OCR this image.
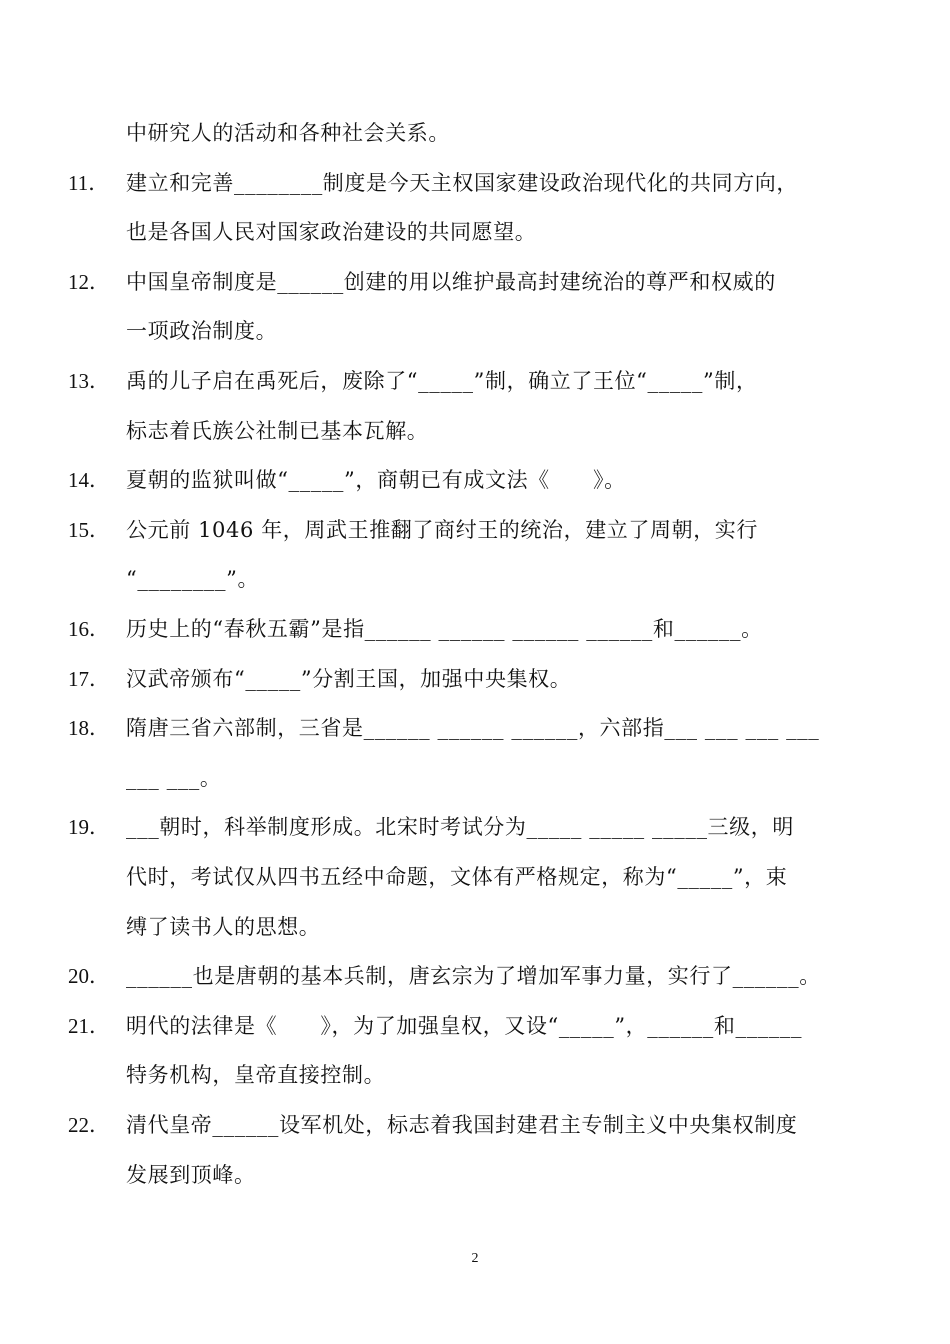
中研究人的活动和各种社会关系。
11． 建立和完善________制度是今天主权国家建设政治现代化的共同方向，
也是各国人民对国家政治建设的共同愿望。
12． 中国皇帝制度是______创建的用以维护最高封建统治的尊严和权威的
一项政治制度。
13． 禹的儿子启在禹死后，废除了“_____”制，确立了王位“_____”制，
标志着氏族公社制已基本瓦解。
14． 夏朝的监狱叫做“_____”，商朝已有成文法《　　》。
15． 公元前 1046 年，周武王推翻了商纣王的统治，建立了周朝，实行
“________”。
16． 历史上的“春秋五霸”是指______ ______ ______ ______和______。
17． 汉武帝颁布“_____”分割王国，加强中央集权。
18． 隋唐三省六部制，三省是______ ______ ______，六部指___ ___ ___ ___
___ ___。
19． ___朝时，科举制度形成。北宋时考试分为_____ _____ _____三级，明
代时，考试仅从四书五经中命题，文体有严格规定，称为“_____”，束
缚了读书人的思想。
20． ______也是唐朝的基本兵制，唐玄宗为了增加军事力量，实行了______。
21． 明代的法律是《　　》，为了加强皇权，又设“_____”，______和______
特务机构，皇帝直接控制。
22． 清代皇帝______设军机处，标志着我国封建君主专制主义中央集权制度
发展到顶峰。
2
